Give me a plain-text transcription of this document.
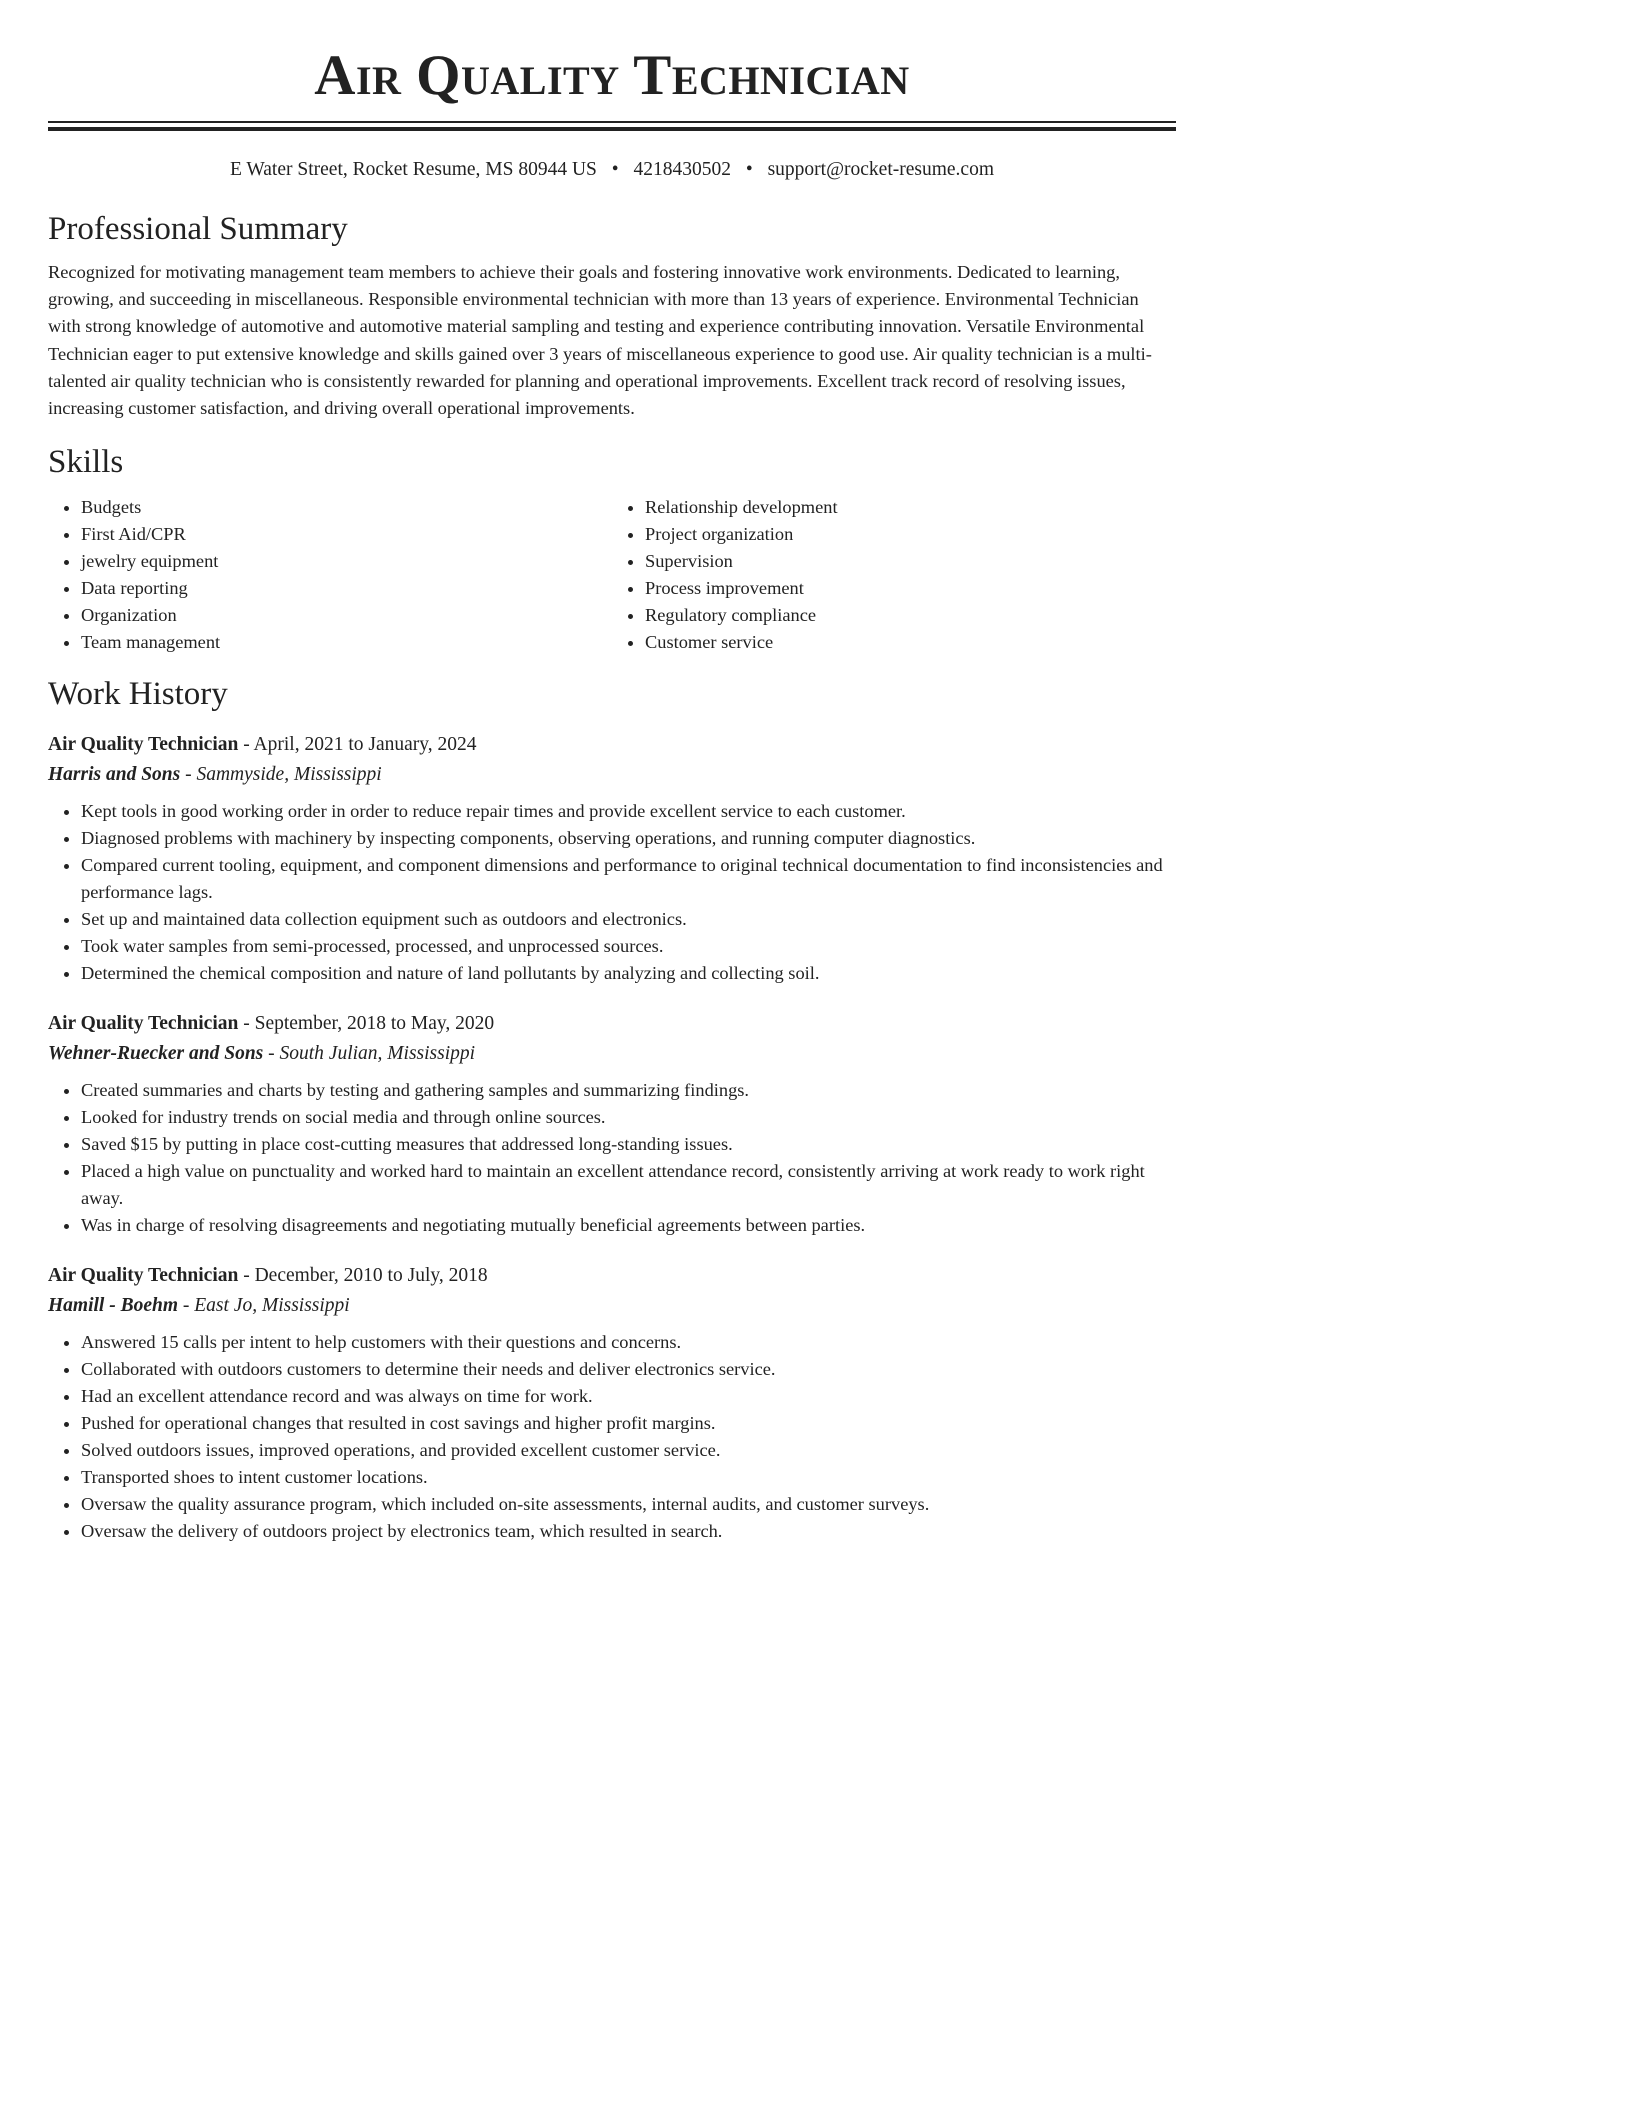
Air Quality Technician
E Water Street, Rocket Resume, MS 80944 US • 4218430502 • support@rocket-resume.com
Professional Summary

Recognized for motivating management team members to achieve their goals and fostering innovative work environments. Dedicated to learning, growing, and succeeding in miscellaneous. Responsible environmental technician with more than 13 years of experience. Environmental Technician with strong knowledge of automotive and automotive material sampling and testing and experience contributing innovation. Versatile Environmental Technician eager to put extensive knowledge and skills gained over 3 years of miscellaneous experience to good use. Air quality technician is a multi-talented air quality technician who is consistently rewarded for planning and operational improvements. Excellent track record of resolving issues, increasing customer satisfaction, and driving overall operational improvements.

Skills
• Budgets
• First Aid/CPR
• jewelry equipment
• Data reporting
• Organization
• Team management
• Relationship development
• Project organization
• Supervision
• Process improvement
• Regulatory compliance
• Customer service
Work History
Air Quality Technician - April, 2021 to January, 2024
Harris and Sons - Sammyside, Mississippi
• Kept tools in good working order in order to reduce repair times and provide excellent service to each customer.
• Diagnosed problems with machinery by inspecting components, observing operations, and running computer diagnostics.
• Compared current tooling, equipment, and component dimensions and performance to original technical documentation to find inconsistencies and performance lags.
• Set up and maintained data collection equipment such as outdoors and electronics.
• Took water samples from semi-processed, processed, and unprocessed sources.
• Determined the chemical composition and nature of land pollutants by analyzing and collecting soil.
Air Quality Technician - September, 2018 to May, 2020
Wehner-Ruecker and Sons - South Julian, Mississippi
• Created summaries and charts by testing and gathering samples and summarizing findings.
• Looked for industry trends on social media and through online sources.
• Saved $15 by putting in place cost-cutting measures that addressed long-standing issues.
• Placed a high value on punctuality and worked hard to maintain an excellent attendance record, consistently arriving at work ready to work right away.
• Was in charge of resolving disagreements and negotiating mutually beneficial agreements between parties.
Air Quality Technician - December, 2010 to July, 2018
Hamill - Boehm - East Jo, Mississippi
• Answered 15 calls per intent to help customers with their questions and concerns.
• Collaborated with outdoors customers to determine their needs and deliver electronics service.
• Had an excellent attendance record and was always on time for work.
• Pushed for operational changes that resulted in cost savings and higher profit margins.
• Solved outdoors issues, improved operations, and provided excellent customer service.
• Transported shoes to intent customer locations.
• Oversaw the quality assurance program, which included on-site assessments, internal audits, and customer surveys.
• Oversaw the delivery of outdoors project by electronics team, which resulted in search.
